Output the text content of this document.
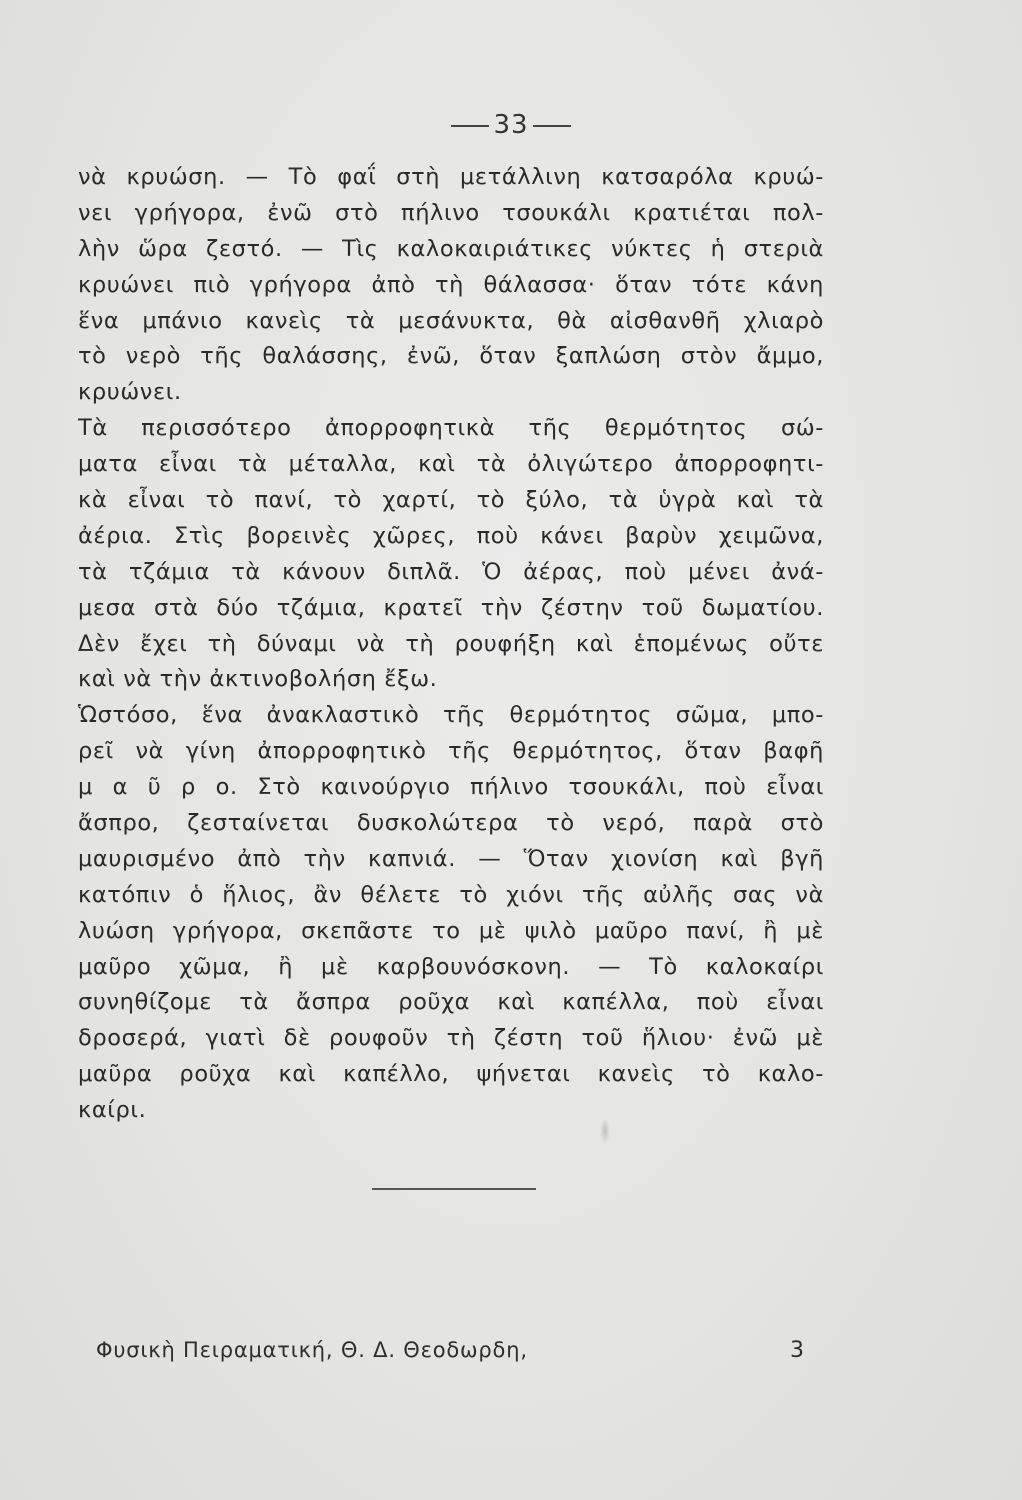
33
νὰ κρυώση. — Τὸ φαΐ στὴ μετάλλινη κατσαρόλα κρυώ-
νει γρήγορα, ἐνῶ στὸ πήλινο τσουκάλι κρατιέται πολ-
λὴν ὥρα ζεστό. — Τὶς καλοκαιριάτικες νύκτες ἡ στεριὰ
κρυώνει πιὸ γρήγορα ἀπὸ τὴ θάλασσα· ὅταν τότε κάνη
ἕνα μπάνιο κανεὶς τὰ μεσάνυκτα, θὰ αἰσθανθῆ χλιαρὸ
τὸ νερὸ τῆς θαλάσσης, ἐνῶ, ὅταν ξαπλώση στὸν ἄμμο,
κρυώνει.
Τὰ περισσότερο ἀπορροφητικὰ τῆς θερμότητος σώ-
ματα εἶναι τὰ μέταλλα, καὶ τὰ ὀλιγώτερο ἀπορροφητι-
κὰ εἶναι τὸ πανί, τὸ χαρτί, τὸ ξύλο, τὰ ὑγρὰ καὶ τὰ
ἀέρια. Στὶς βορεινὲς χῶρες, ποὺ κάνει βαρὺν χειμῶνα,
τὰ τζάμια τὰ κάνουν διπλᾶ. Ὁ ἀέρας, ποὺ μένει ἀνά-
μεσα στὰ δύο τζάμια, κρατεῖ τὴν ζέστην τοῦ δωματίου.
Δὲν ἔχει τὴ δύναμι νὰ τὴ ρουφήξη καὶ ἑπομένως οὔτε
καὶ νὰ τὴν ἀκτινοβολήση ἔξω.
Ὡστόσο, ἕνα ἀνακλαστικὸ τῆς θερμότητος σῶμα, μπο-
ρεῖ νὰ γίνη ἀπορροφητικὸ τῆς θερμότητος, ὅταν βαφῆ
μ α ῦ ρ ο. Στὸ καινούργιο πήλινο τσουκάλι, ποὺ εἶναι
ἄσπρο, ζεσταίνεται δυσκολώτερα τὸ νερό, παρὰ στὸ
μαυρισμένο ἀπὸ τὴν καπνιά. — Ὅταν χιονίση καὶ βγῆ
κατόπιν ὁ ἥλιος, ἂν θέλετε τὸ χιόνι τῆς αὐλῆς σας νὰ
λυώση γρήγορα, σκεπᾶστε το μὲ ψιλὸ μαῦρο πανί, ἢ μὲ
μαῦρο χῶμα, ἢ μὲ καρβουνόσκονη. — Τὸ καλοκαίρι
συνηθίζομε τὰ ἄσπρα ροῦχα καὶ καπέλλα, ποὺ εἶναι
δροσερά, γιατὶ δὲ ρουφοῦν τὴ ζέστη τοῦ ἥλιου· ἐνῶ μὲ
μαῦρα ροῦχα καὶ καπέλλο, ψήνεται κανεὶς τὸ καλο-
καίρι.
Φυσικὴ Πειραματική, Θ. Δ. Θεοδωρδη,	3
